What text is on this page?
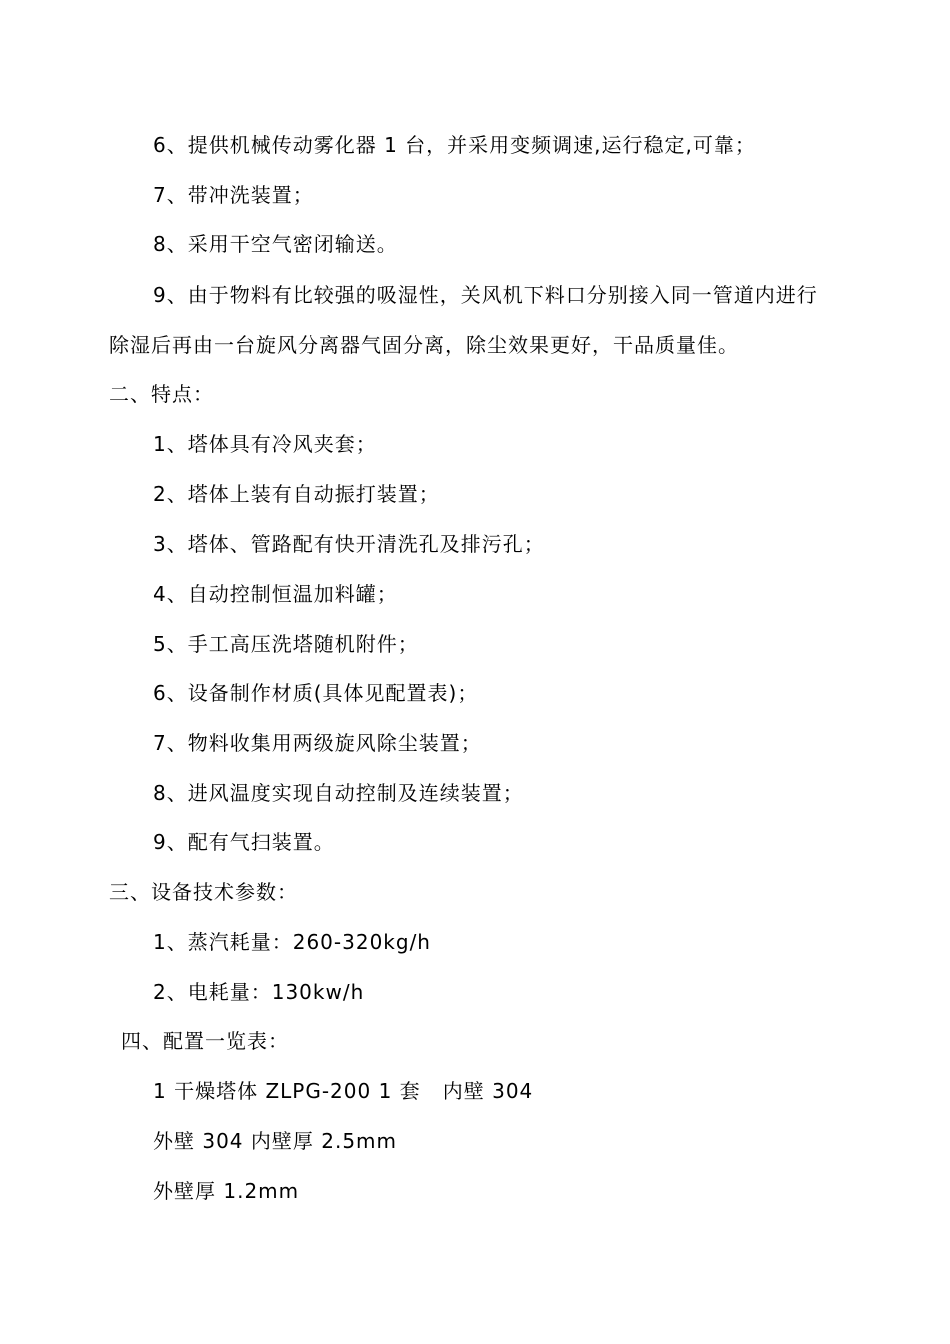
6、提供机械传动雾化器 1 台，并采用变频调速,运行稳定,可靠；
7、带冲洗装置；
8、采用干空气密闭输送。
9、由于物料有比较强的吸湿性，关风机下料口分别接入同一管道内进行
除湿后再由一台旋风分离器气固分离，除尘效果更好，干品质量佳。
二、特点：
1、塔体具有冷风夹套；
2、塔体上装有自动振打装置；
3、塔体、管路配有快开清洗孔及排污孔；
4、自动控制恒温加料罐；
5、手工高压洗塔随机附件；
6、设备制作材质(具体见配置表)；
7、物料收集用两级旋风除尘装置；
8、进风温度实现自动控制及连续装置；
9、配有气扫装置。
三、设备技术参数：
1、蒸汽耗量：260-320kg/h
2、电耗量：130kw/h
四、配置一览表：
1 干燥塔体 ZLPG-200 1 套   内壁 304
外壁 304 内壁厚 2.5mm
外壁厚 1.2mm
